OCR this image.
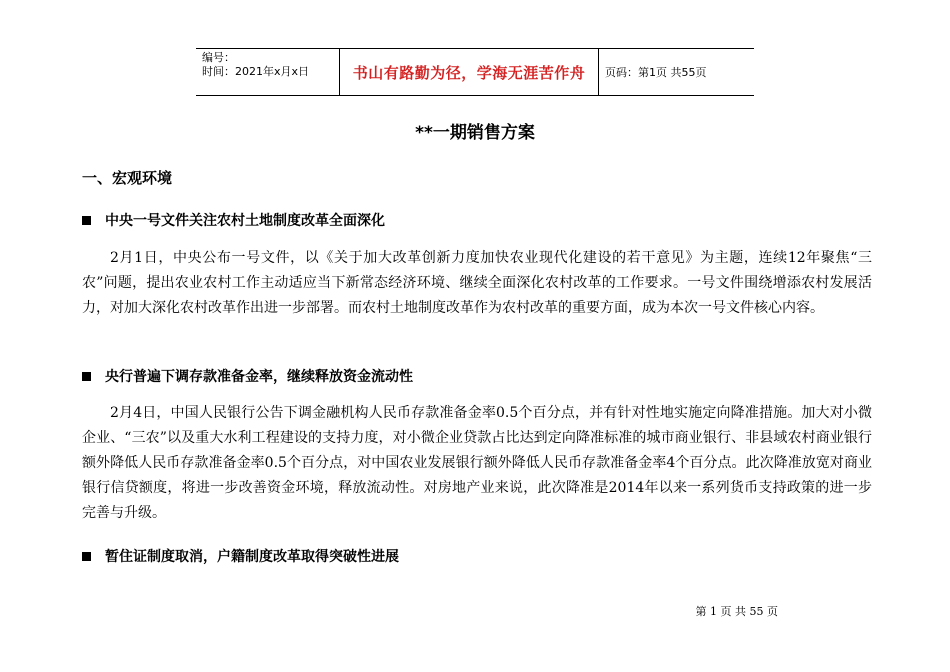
编号：
时间：2021年x月x日	书山有路勤为径，学海无涯苦作舟	页码：第1页 共55页
**一期销售方案
一、宏观环境
中央一号文件关注农村土地制度改革全面深化

2月1日，中央公布一号文件，以《关于加大改革创新力度加快农业现代化建设的若干意见》为主题，连续12年聚焦“三农”问题，提出农业农村工作主动适应当下新常态经济环境、继续全面深化农村改革的工作要求。一号文件围绕增添农村发展活力，对加大深化农村改革作出进一步部署。而农村土地制度改革作为农村改革的重要方面，成为本次一号文件核心内容。

央行普遍下调存款准备金率，继续释放资金流动性

2月4日，中国人民银行公告下调金融机构人民币存款准备金率0.5个百分点，并有针对性地实施定向降准措施。加大对小微企业、“三农”以及重大水利工程建设的支持力度，对小微企业贷款占比达到定向降准标准的城市商业银行、非县域农村商业银行额外降低人民币存款准备金率0.5个百分点，对中国农业发展银行额外降低人民币存款准备金率4个百分点。此次降准放宽对商业银行信贷额度，将进一步改善资金环境，释放流动性。对房地产业来说，此次降准是2014年以来一系列货币支持政策的进一步完善与升级。

暂住证制度取消，户籍制度改革取得突破性进展
第 1 页 共 55 页
